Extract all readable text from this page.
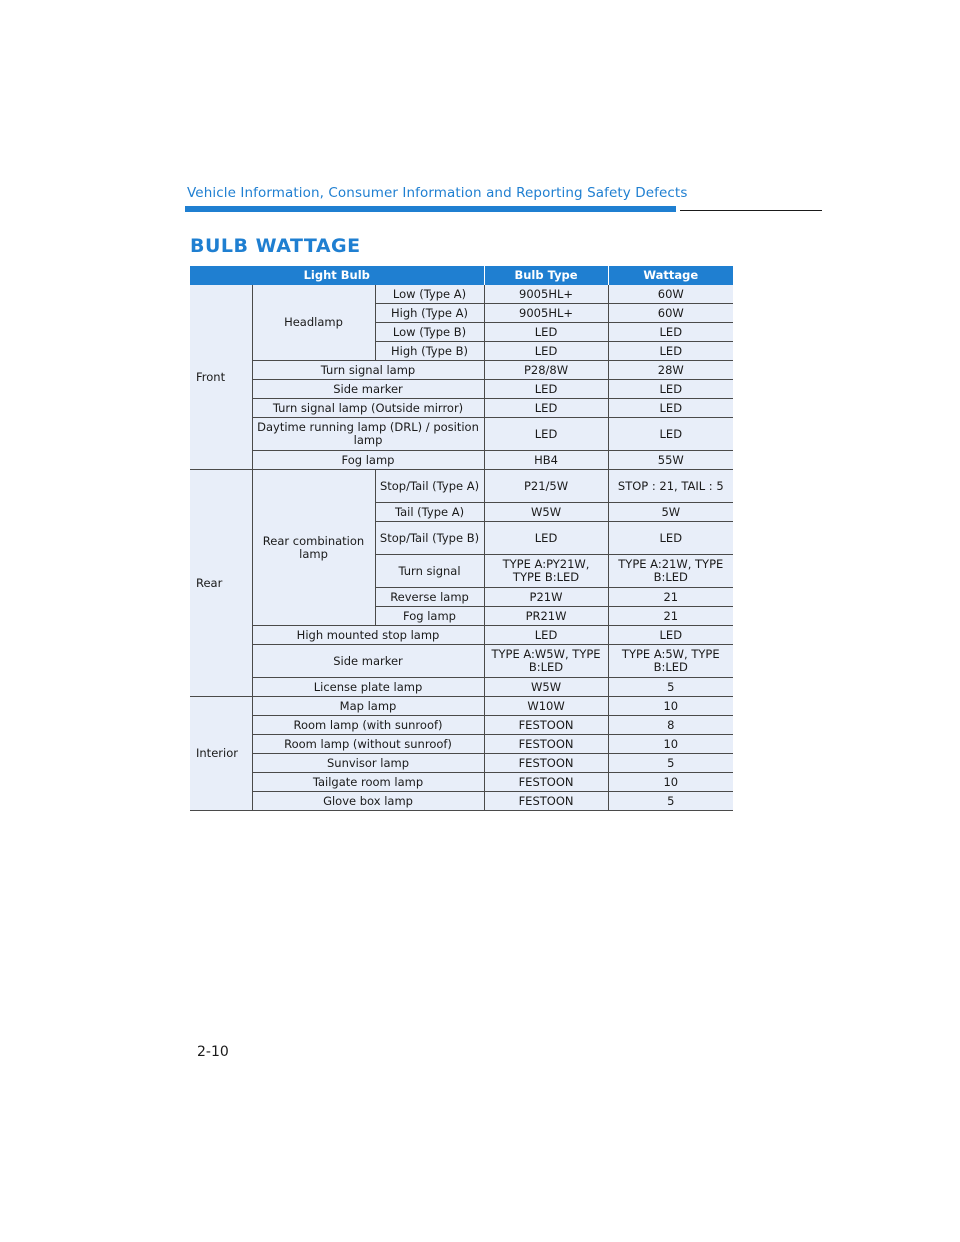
Vehicle Information, Consumer Information and Reporting Safety Defects
BULB WATTAGE
Light Bulb			Bulb Type	Wattage
Front	Headlamp	Low (Type A)	9005HL+	60W
		High (Type A)	9005HL+	60W
		Low (Type B)	LED	LED
		High (Type B)	LED	LED
	Turn signal lamp		P28/8W	28W
	Side marker		LED	LED
	Turn signal lamp (Outside mirror)		LED	LED
	Daytime running lamp (DRL) / position lamp		LED	LED
	Fog lamp		HB4	55W
Rear	Rear combination lamp	Stop/Tail (Type A)	P21/5W	STOP : 21, TAIL : 5
		Tail (Type A)	W5W	5W
		Stop/Tail (Type B)	LED	LED
		Turn signal	TYPE A:PY21W, TYPE B:LED	TYPE A:21W, TYPE B:LED
		Reverse lamp	P21W	21
		Fog lamp	PR21W	21
	High mounted stop lamp		LED	LED
	Side marker		TYPE A:W5W, TYPE B:LED	TYPE A:5W, TYPE B:LED
	License plate lamp		W5W	5
Interior	Map lamp		W10W	10
	Room lamp (with sunroof)		FESTOON	8
	Room lamp (without sunroof)		FESTOON	10
	Sunvisor lamp		FESTOON	5
	Tailgate room lamp		FESTOON	10
	Glove box lamp		FESTOON	5
2-10
